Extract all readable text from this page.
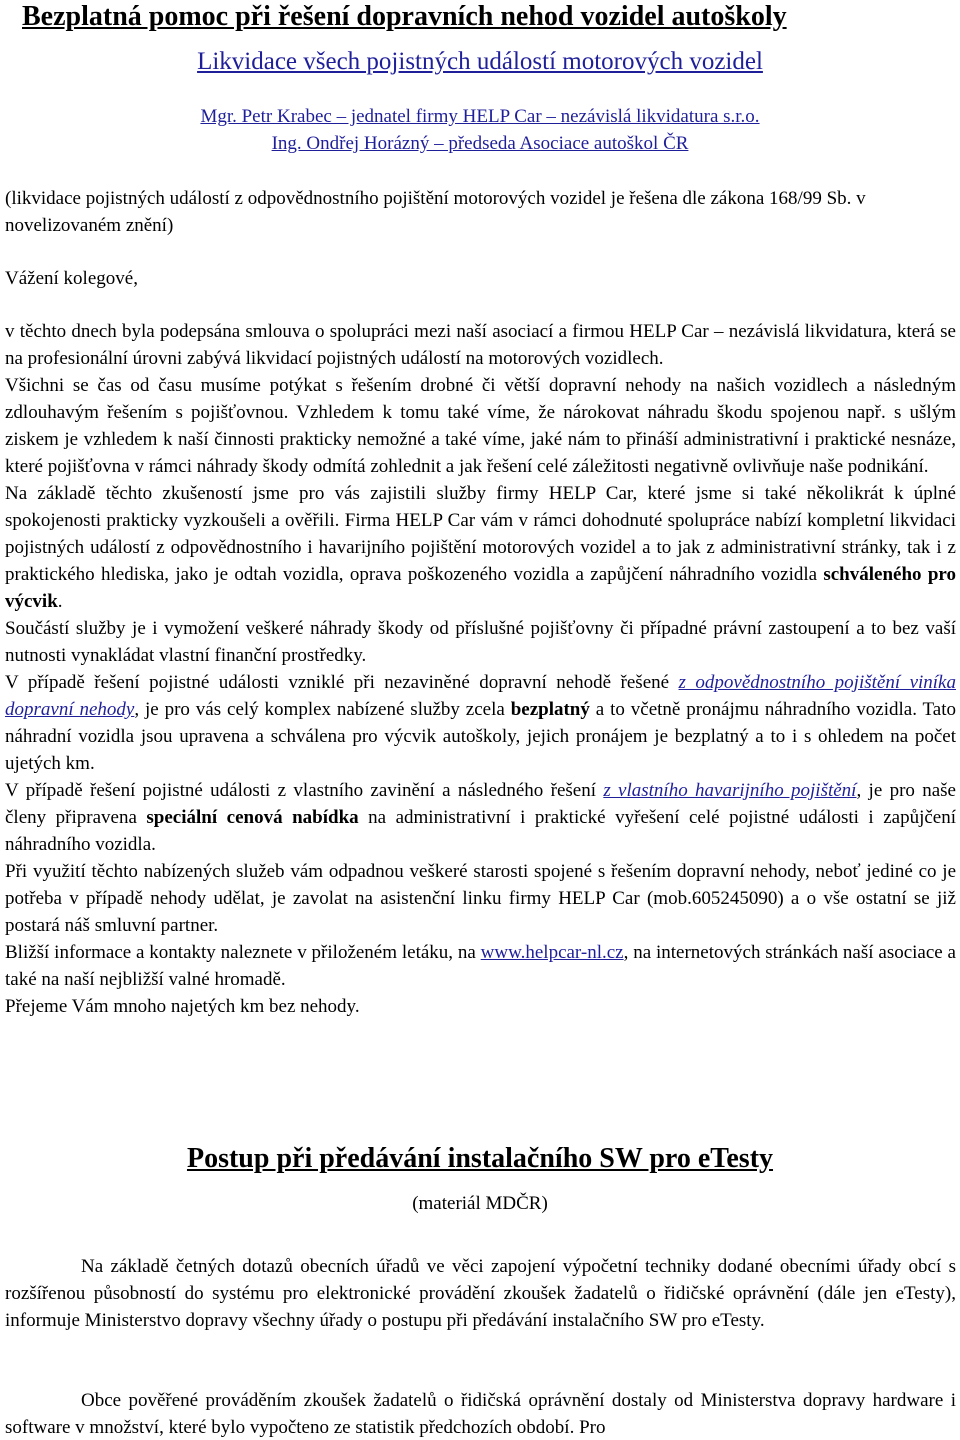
Bezplatná pomoc při řešení dopravních nehod vozidel autoškoly
Likvidace všech pojistných událostí motorových vozidel
Mgr. Petr Krabec – jednatel firmy HELP Car – nezávislá likvidatura s.r.o.
Ing. Ondřej Horázný – předseda Asociace autoškol ČR
(likvidace pojistných událostí z odpovědnostního pojištění motorových vozidel je řešena dle zákona 168/99 Sb. v novelizovaném znění)
Vážení kolegové,

v těchto dnech byla podepsána smlouva o spolupráci mezi naší asociací a firmou HELP Car – nezávislá likvidatura, která se na profesionální úrovni zabývá likvidací pojistných událostí na motorových vozidlech.

Všichni se čas od času musíme potýkat s řešením drobné či větší dopravní nehody na našich vozidlech a následným zdlouhavým řešením s pojišťovnou. Vzhledem k tomu také víme, že nárokovat náhradu škodu spojenou např. s ušlým ziskem je vzhledem k naší činnosti prakticky nemožné a také víme, jaké nám to přináší administrativní i praktické nesnáze, které pojišťovna v rámci náhrady škody odmítá zohlednit a jak řešení celé záležitosti negativně ovlivňuje naše podnikání.

Na základě těchto zkušeností jsme pro vás zajistili služby firmy HELP Car, které jsme si také několikrát k úplné spokojenosti prakticky vyzkoušeli a ověřili. Firma HELP Car vám v rámci dohodnuté spolupráce nabízí kompletní likvidaci pojistných událostí z odpovědnostního i havarijního pojištění motorových vozidel a to jak z administrativní stránky, tak i z praktického hlediska, jako je odtah vozidla, oprava poškozeného vozidla a zapůjčení náhradního vozidla schváleného pro výcvik.

Součástí služby je i vymožení veškeré náhrady škody od příslušné pojišťovny či případné právní zastoupení a to bez vaší nutnosti vynakládat vlastní finanční prostředky.

V případě řešení pojistné události vzniklé při nezaviněné dopravní nehodě řešené z odpovědnostního pojištění viníka dopravní nehody, je pro vás celý komplex nabízené služby zcela bezplatný a to včetně pronájmu náhradního vozidla. Tato náhradní vozidla jsou upravena a schválena pro výcvik autoškoly, jejich pronájem je bezplatný a to i s ohledem na počet ujetých km.

V případě řešení pojistné události z vlastního zavinění a následného řešení z vlastního havarijního pojištění, je pro naše členy připravena speciální cenová nabídka na administrativní i praktické vyřešení celé pojistné události i zapůjčení náhradního vozidla.

Při využití těchto nabízených služeb vám odpadnou veškeré starosti spojené s řešením dopravní nehody, neboť jediné co je potřeba v případě nehody udělat, je zavolat na asistenční linku firmy HELP Car (mob.605245090) a o vše ostatní se již postará náš smluvní partner.

Bližší informace a kontakty naleznete v přiloženém letáku, na www.helpcar-nl.cz, na internetových stránkách naší asociace a také na naší nejbližší valné hromadě.

Přejeme Vám mnoho najetých km bez nehody.

Postup při předávání instalačního SW pro eTesty
(materiál MDČR)
Na základě četných dotazů obecních úřadů ve věci zapojení výpočetní techniky dodané obecními úřady obcí s rozšířenou působností do systému pro elektronické provádění zkoušek žadatelů o řidičské oprávnění (dále jen eTesty), informuje Ministerstvo dopravy všechny úřady o postupu při předávání instalačního SW pro eTesty.
Obce pověřené prováděním zkoušek žadatelů o řidičská oprávnění dostaly od Ministerstva dopravy hardware i software v množství, které bylo vypočteno ze statistik předchozích období. Pro
